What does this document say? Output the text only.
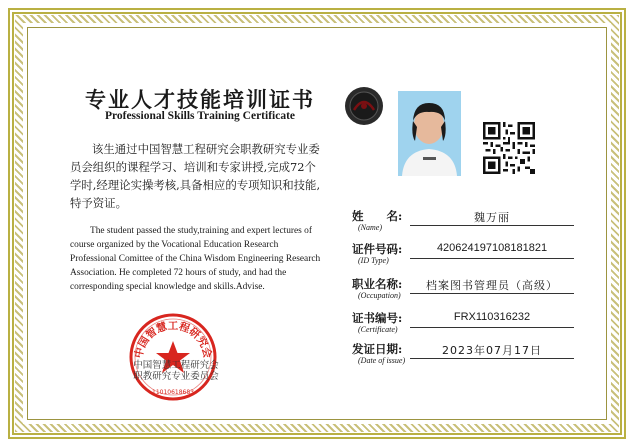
专业人才技能培训证书
Professional Skills Training Certificate
该生通过中国智慧工程研究会职教研究专业委员会组织的课程学习、培训和专家讲授,完成72个学时,经理论实操考核,具备相应的专项知识和技能,特予资证。
The student passed the study,training and expert lectures of course organized by the Vocational Education Research Professional Comittee of the China Wisdom Engineering Research Association. He completed 72 hours of study, and had the corresponding special knowledge and skills.Advise.
中国智慧工程研究会
11010618683
中国智慧工程研究会
职教研究专业委员会
姓　　名:
(Name)
魏万丽
证件号码:
(ID Type)
420624197108181821
职业名称:
(Occupation)
档案图书管理员（高级）
证书编号:
(Certificate)
FRX110316232
发证日期:
(Date of issue)
2023年07月17日
